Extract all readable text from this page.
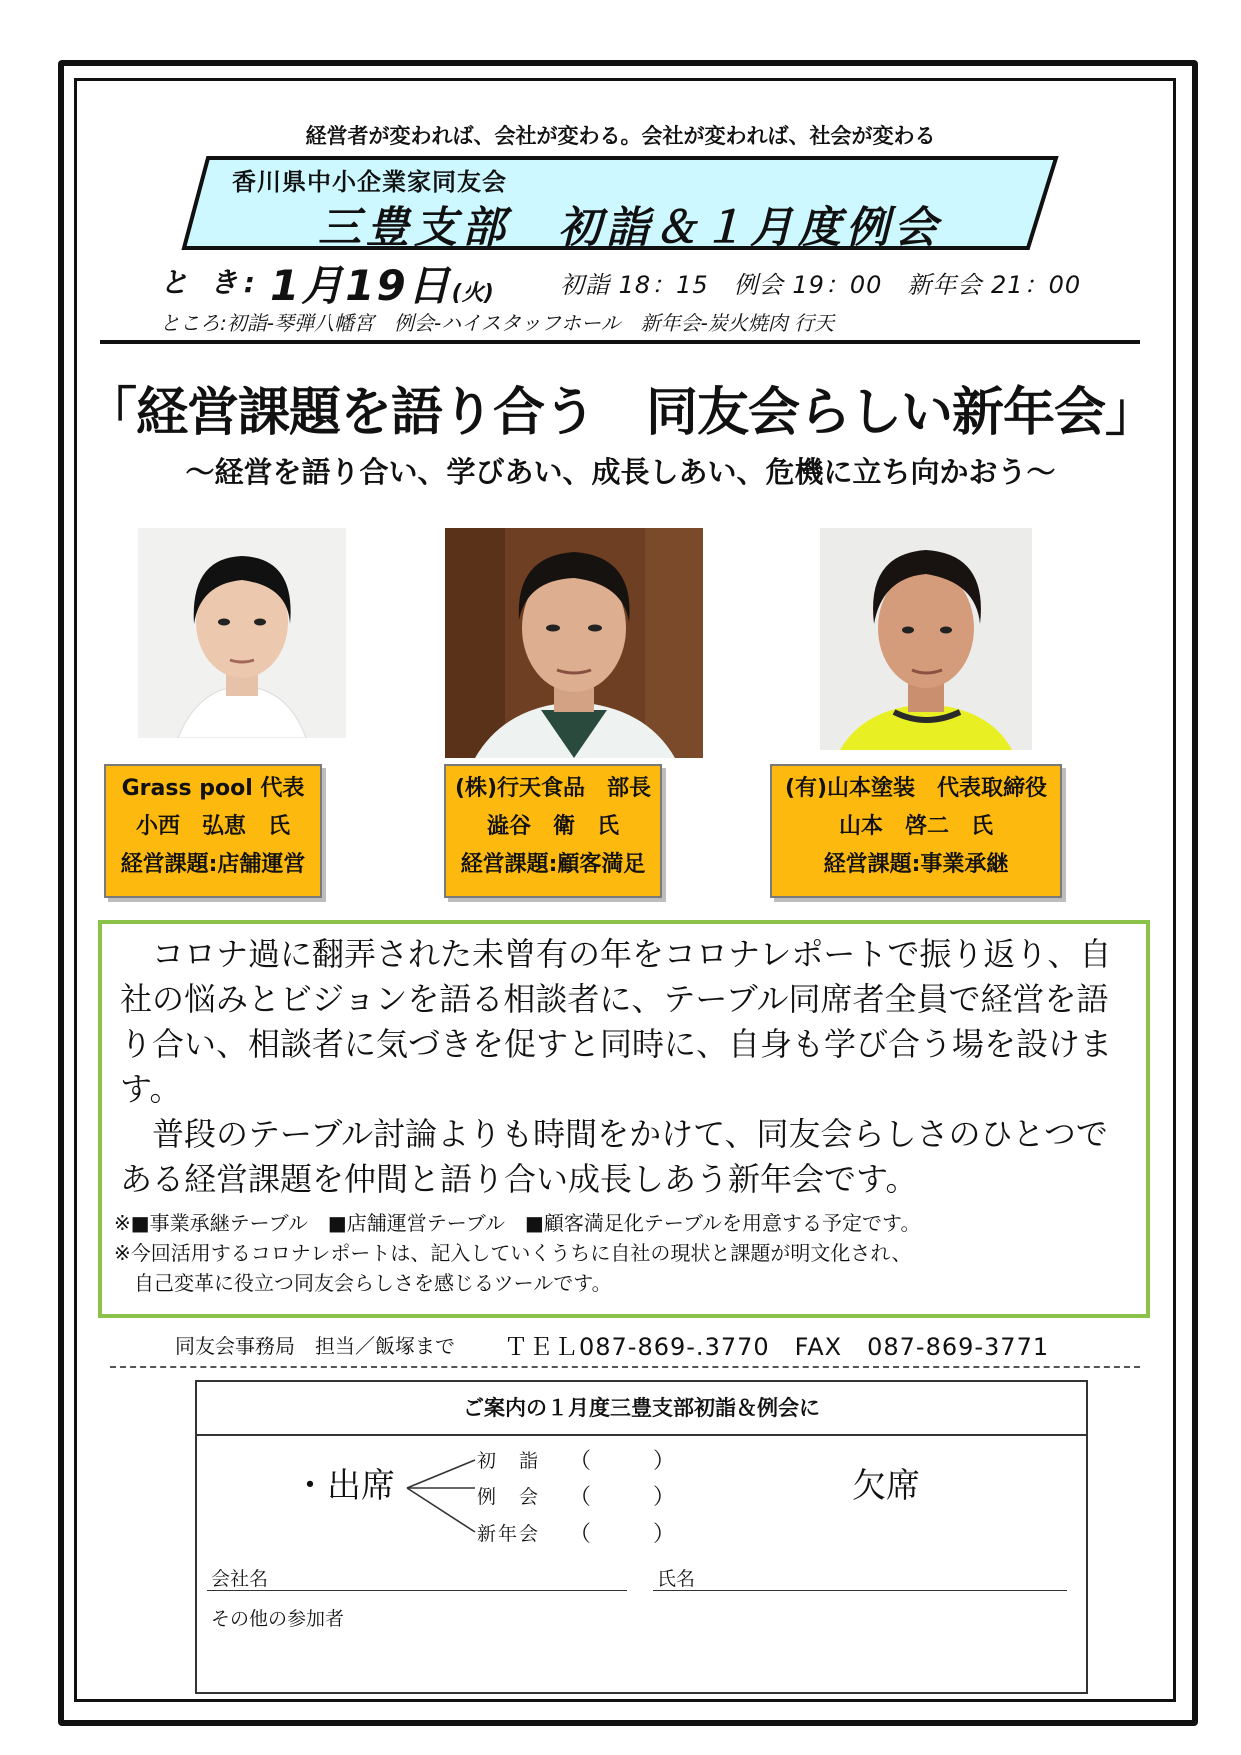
経営者が変われば、会社が変わる。会社が変われば、社会が変わる
香川県中小企業家同友会
三豊支部　初詣＆１月度例会
と き: 1月19日(火)	初詣 18：15　例会 19：00　新年会 21：00
ところ:初詣-琴弾八幡宮　例会-ハイスタッフホール　新年会-炭火焼肉 行天
「経営課題を語り合う　同友会らしい新年会」
～経営を語り合い、学びあい、成長しあい、危機に立ち向かおう～
Grass pool 代表
小西　弘恵　氏
経営課題:店舗運営
(株)行天食品　部長
澁谷　衛　氏
経営課題:顧客満足
(有)山本塗装　代表取締役
山本　啓二　氏
経営課題:事業承継
　コロナ過に翻弄された未曾有の年をコロナレポートで振り返り、自社の悩みとビジョンを語る相談者に、テーブル同席者全員で経営を語り合い、相談者に気づきを促すと同時に、自身も学び合う場を設けます。
　普段のテーブル討論よりも時間をかけて、同友会らしさのひとつである経営課題を仲間と語り合い成長しあう新年会です。
※■事業承継テーブル　■店舗運営テーブル　■顧客満足化テーブルを用意する予定です。
※今回活用するコロナレポートは、記入していくうちに自社の現状と課題が明文化され、
　自己変革に役立つ同友会らしさを感じるツールです。
同友会事務局　担当／飯塚まで ＴＥＬ087-869-.3770　FAX　087-869-3771
ご案内の１月度三豊支部初詣＆例会に
・出席
初　詣 （　）
例　会 （　）
新年会 （　）
欠席
会社名	氏名
その他の参加者
